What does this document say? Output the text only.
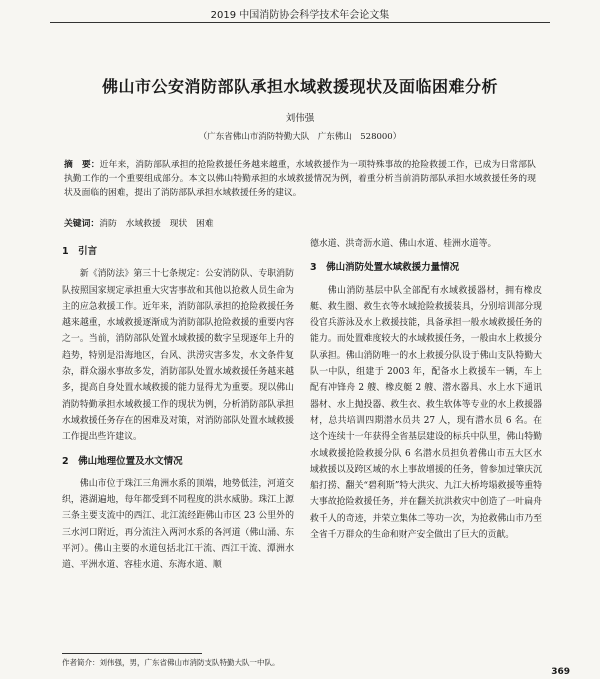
2019 中国消防协会科学技术年会论文集
佛山市公安消防部队承担水域救援现状及面临困难分析
刘伟强
（广东省佛山市消防特勤大队　广东佛山　528000）
摘　要：近年来，消防部队承担的抢险救援任务越来越重，水域救援作为一项特殊事故的抢险救援工作，已成为日常部队执勤工作的一个重要组成部分。本文以佛山特勤承担的水域救援情况为例，着重分析当前消防部队承担水域救援任务的现状及面临的困难，提出了消防部队承担水域救援任务的建议。
关键词：消防　水域救援　现状　困难
1　引言

新《消防法》第三十七条规定：公安消防队、专职消防队按照国家规定承担重大灾害事故和其他以抢救人员生命为主的应急救援工作。近年来，消防部队承担的抢险救援任务越来越重，水域救援逐渐成为消防部队抢险救援的重要内容之一。当前，消防部队处置水域救援的数字呈现逐年上升的趋势，特别是沿海地区，台风、洪涝灾害多发，水文条件复杂，群众溺水事故多发，消防部队处置水域救援任务越来越多，提高自身处置水域救援的能力显得尤为重要。现以佛山消防特勤承担水域救援工作的现状为例，分析消防部队承担水域救援任务存在的困难及对策，对消防部队处置水域救援工作提出些许建议。

2　佛山地理位置及水文情况

佛山市位于珠江三角洲水系的顶端，地势低洼，河道交织，港湖遍地，每年都受到不同程度的洪水威胁。珠江上源三条主要支流中的西江、北江流经距佛山市区 23 公里外的三水河口附近，再分流注入两河水系的各河道（佛山涌、东平河）。佛山主要的水道包括北江干流、西江干流、潭洲水道、平洲水道、容桂水道、东海水道、顺

德水道、洪奇沥水道、佛山水道、桂洲水道等。

3　佛山消防处置水域救援力量情况

佛山消防基层中队全部配有水域救援器材，拥有橡皮艇、救生圈、救生衣等水域抢险救援装具，分别培训部分现役官兵游泳及水上救援技能，具备承担一般水域救援任务的能力。而处置难度较大的水域救援任务，一般由水上救援分队承担。佛山消防唯一的水上救援分队设于佛山支队特勤大队一中队，组建于 2003 年，配备水上救援车一辆，车上配有冲锋舟 2 艘、橡皮艇 2 艘、潜水器具、水上水下通讯器材、水上抛投器、救生衣、救生软体等专业的水上救援器材，总共培训四期潜水员共 27 人，现有潜水员 6 名。在这个连续十一年获得全省基层建设的标兵中队里，佛山特勤水域救援抢险救援分队 6 名潜水员担负着佛山市五大区水域救援以及跨区域的水上事故增援的任务，曾参加过肇庆沉船打捞、翻关“碧利斯”特大洪灾、九江大桥垮塌救援等重特大事故抢险救援任务，并在翻关抗洪救灾中创造了一叶扁舟救千人的奇迹，并荣立集体二等功一次，为抢救佛山市乃至全省千万群众的生命和财产安全做出了巨大的贡献。

作者简介：刘伟强，男，广东省佛山市消防支队特勤大队一中队。
369
